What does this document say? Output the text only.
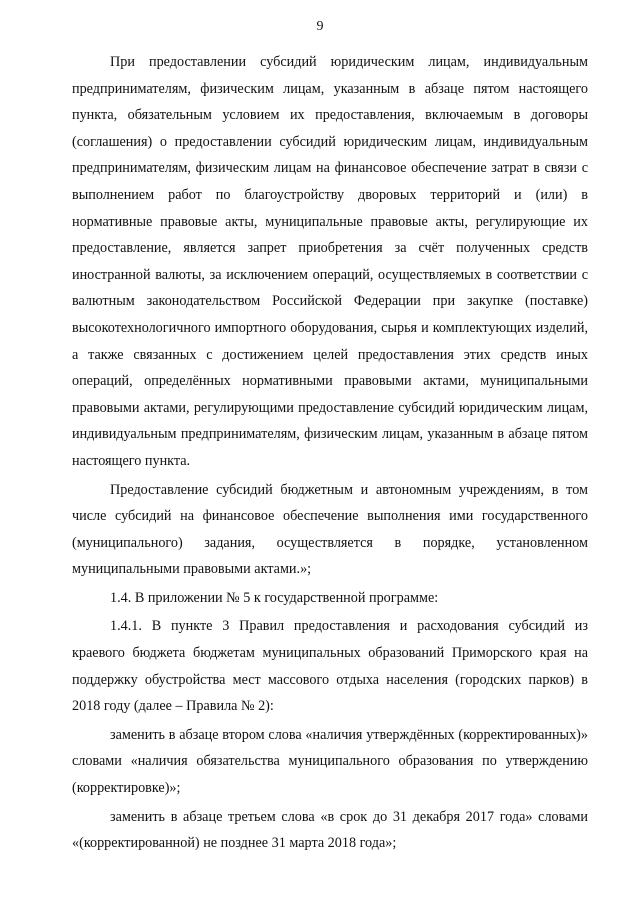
9

При предоставлении субсидий юридическим лицам, индивидуальным предпринимателям, физическим лицам, указанным в абзаце пятом настоящего пункта, обязательным условием их предоставления, включаемым в договоры (соглашения) о предоставлении субсидий юридическим лицам, индивидуальным предпринимателям, физическим лицам на финансовое обеспечение затрат в связи с выполнением работ по благоустройству дворовых территорий и (или) в нормативные правовые акты, муниципальные правовые акты, регулирующие их предоставление, является запрет приобретения за счёт полученных средств иностранной валюты, за исключением операций, осуществляемых в соответствии с валютным законодательством Российской Федерации при закупке (поставке) высокотехнологичного импортного оборудования, сырья и комплектующих изделий, а также связанных с достижением целей предоставления этих средств иных операций, определённых нормативными правовыми актами, муниципальными правовыми актами, регулирующими предоставление субсидий юридическим лицам, индивидуальным предпринимателям, физическим лицам, указанным в абзаце пятом настоящего пункта.

Предоставление субсидий бюджетным и автономным учреждениям, в том числе субсидий на финансовое обеспечение выполнения ими государственного (муниципального) задания, осуществляется в порядке, установленном муниципальными правовыми актами.»;

1.4. В приложении № 5 к государственной программе:

1.4.1. В пункте 3 Правил предоставления и расходования субсидий из краевого бюджета бюджетам муниципальных образований Приморского края на поддержку обустройства мест массового отдыха населения (городских парков) в 2018 году (далее – Правила № 2):

заменить в абзаце втором слова «наличия утверждённых (корректированных)» словами «наличия обязательства муниципального образования по утверждению (корректировке)»;

заменить в абзаце третьем слова «в срок до 31 декабря 2017 года» словами «(корректированной) не позднее 31 марта 2018 года»;
